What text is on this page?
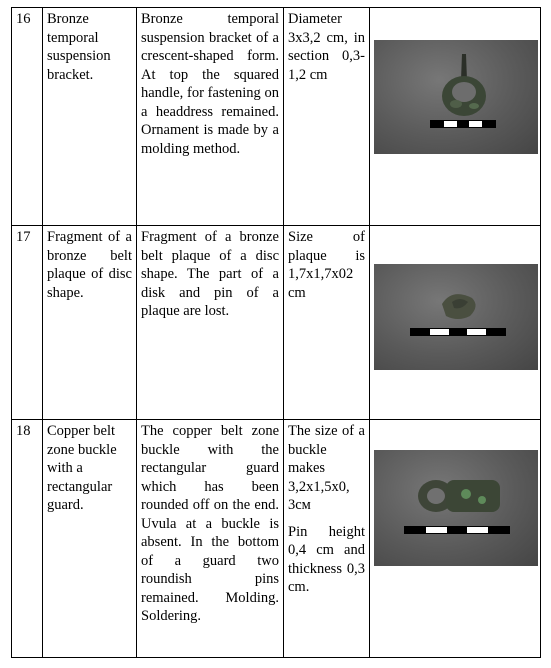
16	Bronze temporal suspension bracket.	Bronze temporal suspension bracket of a crescent-shaped form. At top the squared handle, for fastening on a headdress remained. Ornament is made by a molding method.	Diameter 3x3,2 cm, in section 0,3-1,2 cm	

17	Fragment of a bronze belt plaque of disc shape.	Fragment of a bronze belt plaque of a disc shape. The part of a disk and pin of a plaque are lost.	Size of plaque is 1,7x1,7x02 cm	

18	Copper belt zone buckle with a rectangular guard.	The copper belt zone buckle with the rectangular guard which has been rounded off on the end. Uvula at a buckle is absent. In the bottom of a guard two roundish pins remained. Molding. Soldering.	The size of a buckle makes 3,2x1,5x0, 3см
Pin height 0,4 cm and thickness 0,3 cm.
